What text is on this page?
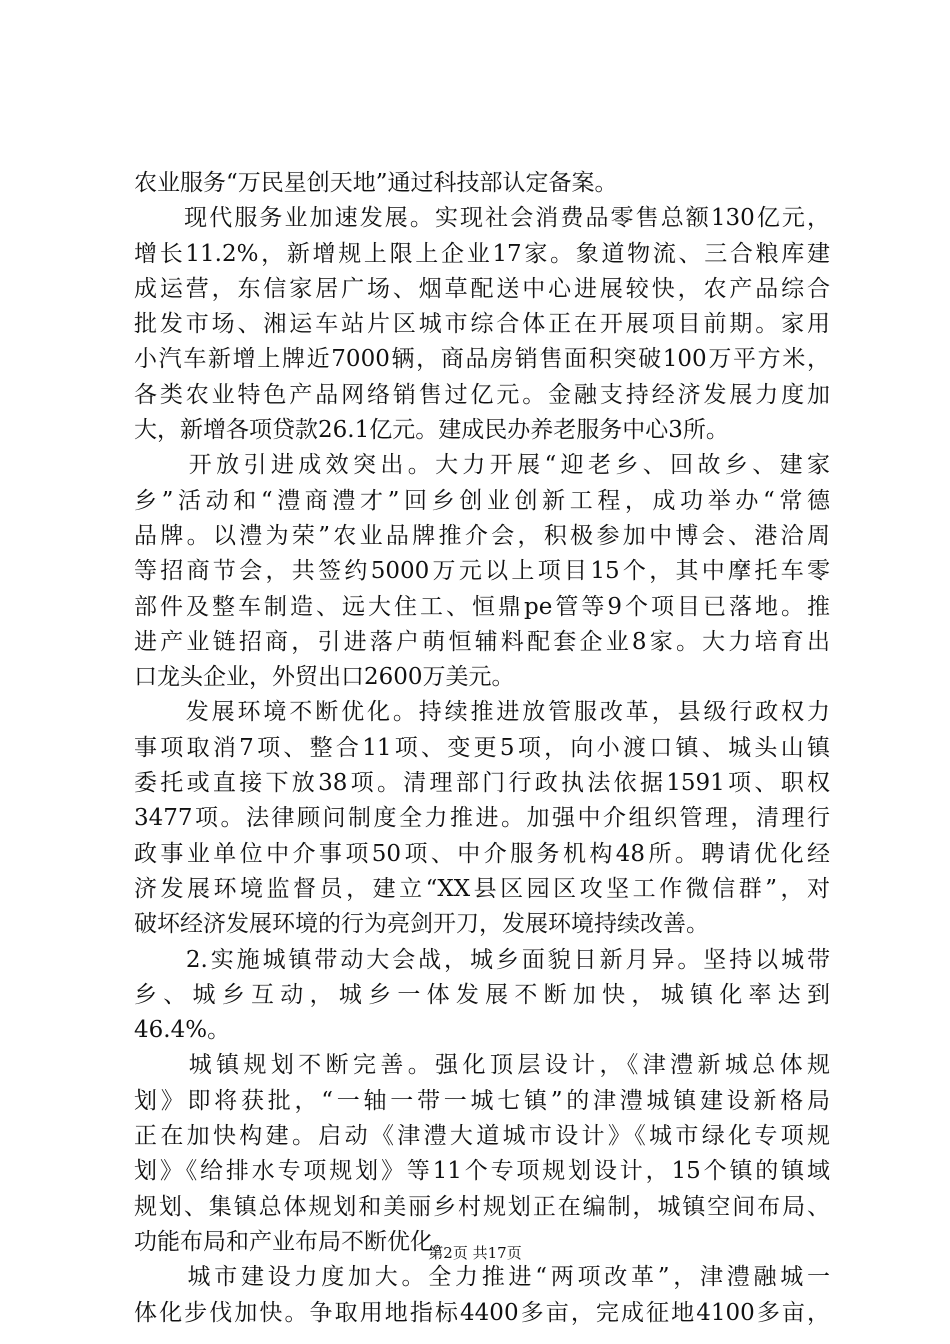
农业服务“万民星创天地”通过科技部认定备案。
　　现代服务业加速发展。实现社会消费品零售总额130亿元，
增长11.2%，新增规上限上企业17家。象道物流、三合粮库建
成运营，东信家居广场、烟草配送中心进展较快，农产品综合
批发市场、湘运车站片区城市综合体正在开展项目前期。家用
小汽车新增上牌近7000辆，商品房销售面积突破100万平方米，
各类农业特色产品网络销售过亿元。金融支持经济发展力度加
大，新增各项贷款26.1亿元。建成民办养老服务中心3所。
　　开放引进成效突出。大力开展“迎老乡、回故乡、建家
乡”活动和“澧商澧才”回乡创业创新工程，成功举办“常德
品牌。以澧为荣”农业品牌推介会，积极参加中博会、港洽周
等招商节会，共签约5000万元以上项目15个，其中摩托车零
部件及整车制造、远大住工、恒鼎pe管等9个项目已落地。推
进产业链招商，引进落户萌恒辅料配套企业8家。大力培育出
口龙头企业，外贸出口2600万美元。
　　发展环境不断优化。持续推进放管服改革，县级行政权力
事项取消7项、整合11项、变更5项，向小渡口镇、城头山镇
委托或直接下放38项。清理部门行政执法依据1591项、职权
3477项。法律顾问制度全力推进。加强中介组织管理，清理行
政事业单位中介事项50项、中介服务机构48所。聘请优化经
济发展环境监督员，建立“XX县区园区攻坚工作微信群”，对
破坏经济发展环境的行为亮剑开刀，发展环境持续改善。
　　2.实施城镇带动大会战，城乡面貌日新月异。坚持以城带
乡、城乡互动，城乡一体发展不断加快，城镇化率达到
46.4%。
　　城镇规划不断完善。强化顶层设计，《津澧新城总体规
划》即将获批，“一轴一带一城七镇”的津澧城镇建设新格局
正在加快构建。启动《津澧大道城市设计》《城市绿化专项规
划》《给排水专项规划》等11个专项规划设计，15个镇的镇域
规划、集镇总体规划和美丽乡村规划正在编制，城镇空间布局、
功能布局和产业布局不断优化。
　　城市建设力度加大。全力推进“两项改革”，津澧融城一
体化步伐加快。争取用地指标4400多亩，完成征地4100多亩，
第2页 共17页
